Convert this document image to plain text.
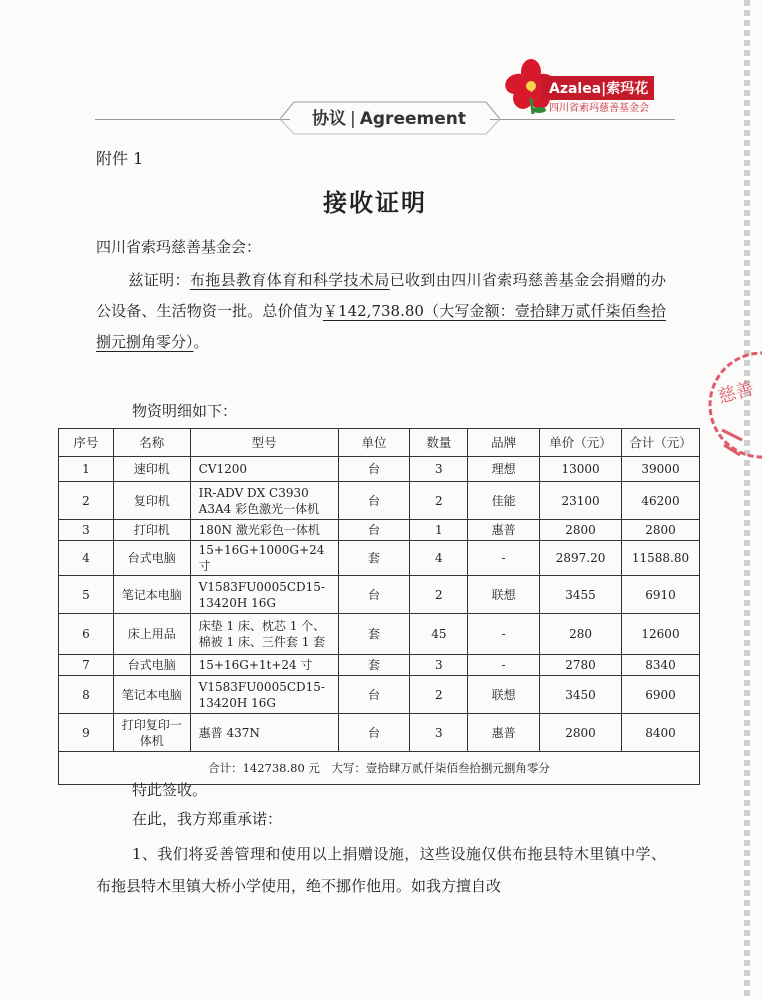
Azalea|索玛花
四川省索玛慈善基金会
协议 | Agreement
慈善
附件 1
接收证明
四川省索玛慈善基金会：
兹证明：布拖县教育体育和科学技术局已收到由四川省索玛慈善基金会捐赠的办公设备、生活物资一批。总价值为￥142,738.80（大写金额：壹拾肆万贰仟柒佰叁拾捌元捌角零分）。
物资明细如下：
序号	名称	型号	单位	数量	品牌	单价（元）	合计（元）
1	速印机	CV1200	台	3	理想	13000	39000
2	复印机	IR-ADV DX C3930 A3A4 彩色激光一体机	台	2	佳能	23100	46200
3	打印机	180N 激光彩色一体机	台	1	惠普	2800	2800
4	台式电脑	15+16G+1000G+24 寸	套	4	-	2897.20	11588.80
5	笔记本电脑	V1583FU0005CD15-13420H 16G	台	2	联想	3455	6910
6	床上用品	床垫 1 床、枕芯 1 个、棉被 1 床、三件套 1 套	套	45	-	280	12600
7	台式电脑	15+16G+1t+24 寸	套	3	-	2780	8340
8	笔记本电脑	V1583FU0005CD15-13420H 16G	台	2	联想	3450	6900
9	打印复印一体机	惠普 437N	台	3	惠普	2800	8400
合计：142738.80 元　大写：壹拾肆万贰仟柒佰叁拾捌元捌角零分							
特此签收。
在此，我方郑重承诺：
1、我们将妥善管理和使用以上捐赠设施，这些设施仅供布拖县特木里镇中学、布拖县特木里镇大桥小学使用，绝不挪作他用。如我方擅自改
